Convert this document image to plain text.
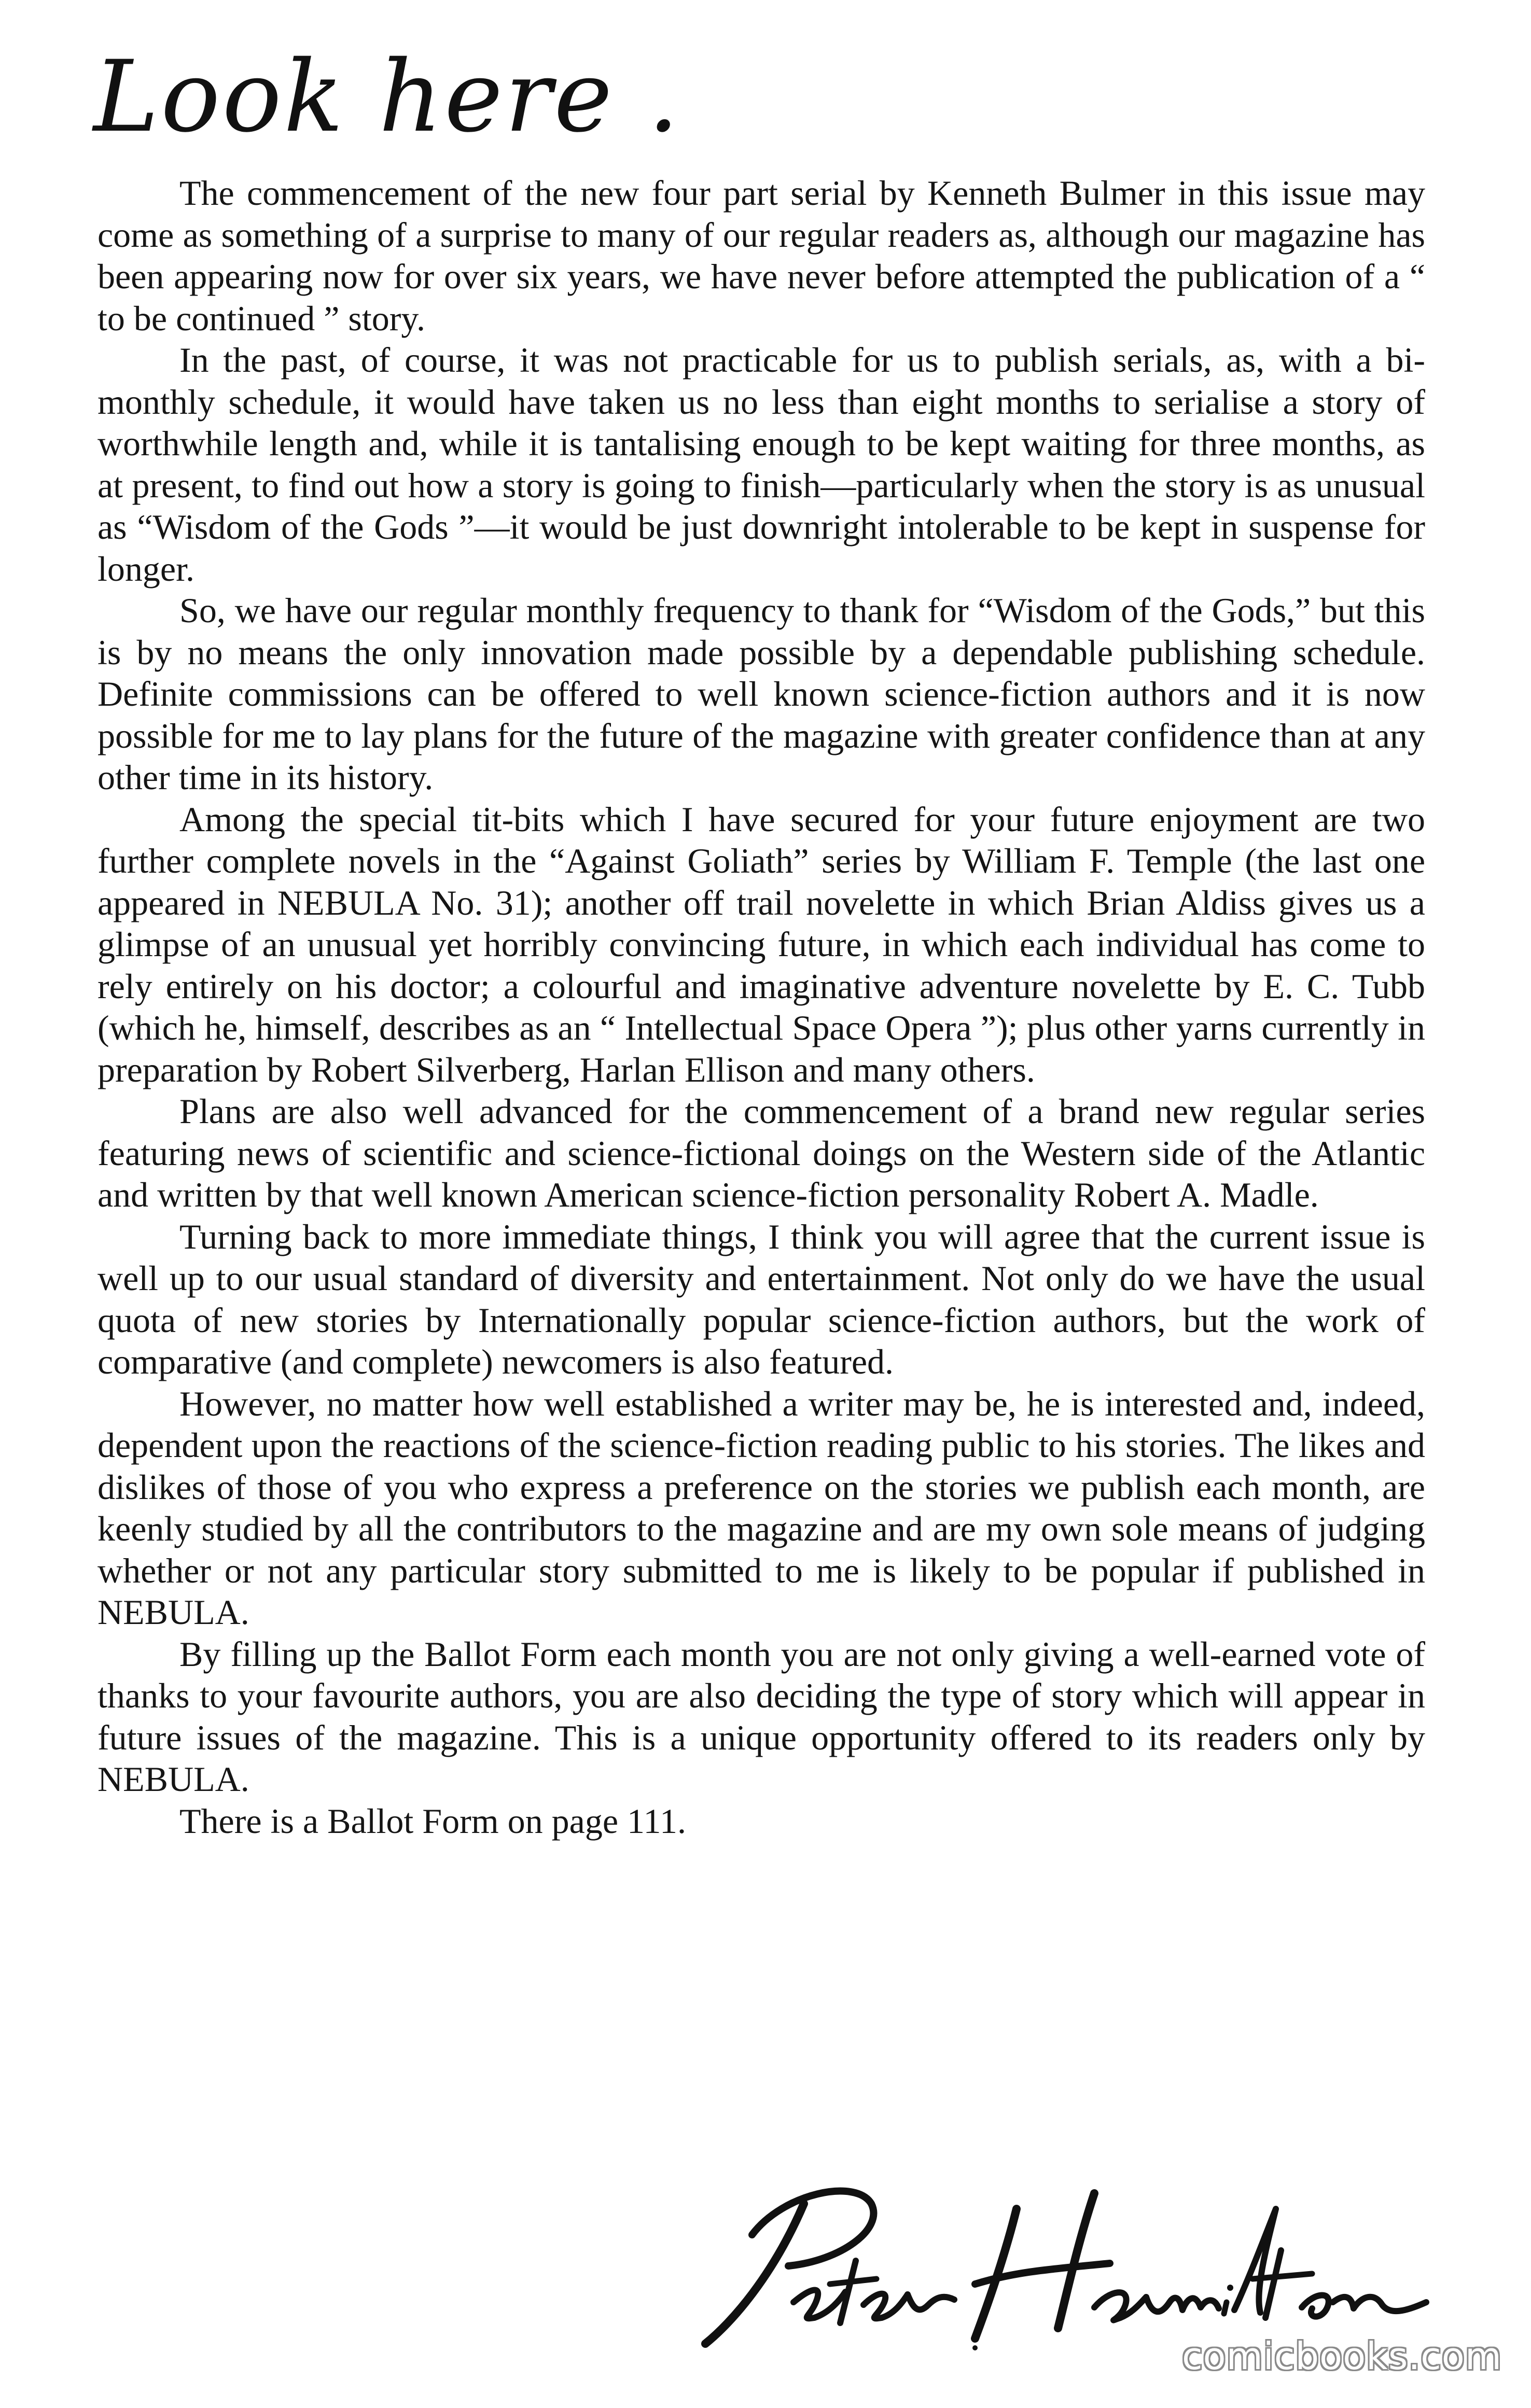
Look here .

The commencement of the new four part serial by Kenneth Bulmer in this issue may come as something of a surprise to many of our regular readers as, although our magazine has been appearing now for over six years, we have never before attempted the publication of a “ to be continued ” story.

In the past, of course, it was not practicable for us to publish serials, as, with a bi-monthly schedule, it would have taken us no less than eight months to serialise a story of worthwhile length and, while it is tantalising enough to be kept waiting for three months, as at present, to find out how a story is going to finish—particularly when the story is as unusual as “Wisdom of the Gods ”—it would be just downright intolerable to be kept in suspense for longer.

So, we have our regular monthly frequency to thank for “Wisdom of the Gods,” but this is by no means the only innovation made possible by a dependable publishing schedule. Definite commissions can be offered to well known science-fiction authors and it is now possible for me to lay plans for the future of the magazine with greater confidence than at any other time in its history.

Among the special tit-bits which I have secured for your future enjoyment are two further complete novels in the “Against Goliath” series by William F. Temple (the last one appeared in NEBULA No. 31); another off trail novelette in which Brian Aldiss gives us a glimpse of an unusual yet horribly convincing future, in which each individual has come to rely entirely on his doctor; a colourful and imaginative adventure novelette by E. C. Tubb (which he, himself, describes as an “ Intellectual Space Opera ”); plus other yarns currently in preparation by Robert Silverberg, Harlan Ellison and many others.

Plans are also well advanced for the commencement of a brand new regular series featuring news of scientific and science-fictional doings on the Western side of the Atlantic and written by that well known American science-fiction personality Robert A. Madle.

Turning back to more immediate things, I think you will agree that the current issue is well up to our usual standard of diversity and entertainment. Not only do we have the usual quota of new stories by Internationally popular science-fiction authors, but the work of comparative (and complete) newcomers is also featured.

However, no matter how well established a writer may be, he is interested and, indeed, dependent upon the reactions of the science-fiction reading public to his stories. The likes and dislikes of those of you who express a preference on the stories we publish each month, are keenly studied by all the contributors to the magazine and are my own sole means of judging whether or not any particular story submitted to me is likely to be popular if published in NEBULA.

By filling up the Ballot Form each month you are not only giving a well-earned vote of thanks to your favourite authors, you are also deciding the type of story which will appear in future issues of the magazine. This is a unique opportunity offered to its readers only by NEBULA.

There is a Ballot Form on page 111.

comicbooks.com
